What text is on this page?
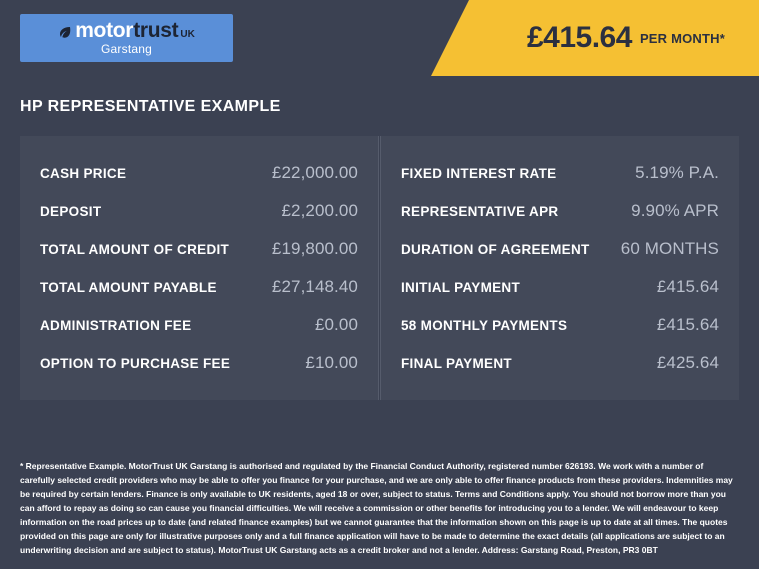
motor trust UK
Garstang	£415.64 PER MONTH*
HP REPRESENTATIVE EXAMPLE
CASH PRICE	£22,000.00
DEPOSIT	£2,200.00
TOTAL AMOUNT OF CREDIT	£19,800.00
TOTAL AMOUNT PAYABLE	£27,148.40
ADMINISTRATION FEE	£0.00
OPTION TO PURCHASE FEE	£10.00
FIXED INTEREST RATE	5.19% P.A.
REPRESENTATIVE APR	9.90% APR
DURATION OF AGREEMENT 60 MONTHS
INITIAL PAYMENT	£415.64
58 MONTHLY PAYMENTS	£415.64
FINAL PAYMENT	£425.64

* Representative Example. MotorTrust UK Garstang is authorised and regulated by the Financial Conduct Authority, registered number 626193. We work with a number of carefully selected credit providers who may be able to offer you finance for your purchase, and we are only able to offer finance products from these providers. Indemnities may be required by certain lenders. Finance is only available to UK residents, aged 18 or over, subject to status. Terms and Conditions apply. You should not borrow more than you can afford to repay as doing so can cause you financial difficulties. We will receive a commission or other benefits for introducing you to a lender. We will endeavour to keep information on the road prices up to date (and related finance examples) but we cannot guarantee that the information shown on this page is up to date at all times. The quotes provided on this page are only for illustrative purposes only and a full finance application will have to be made to determine the exact details (all applications are subject to an underwriting decision and are subject to status). MotorTrust UK Garstang acts as a credit broker and not a lender. Address: Garstang Road, Preston, PR3 0BT
